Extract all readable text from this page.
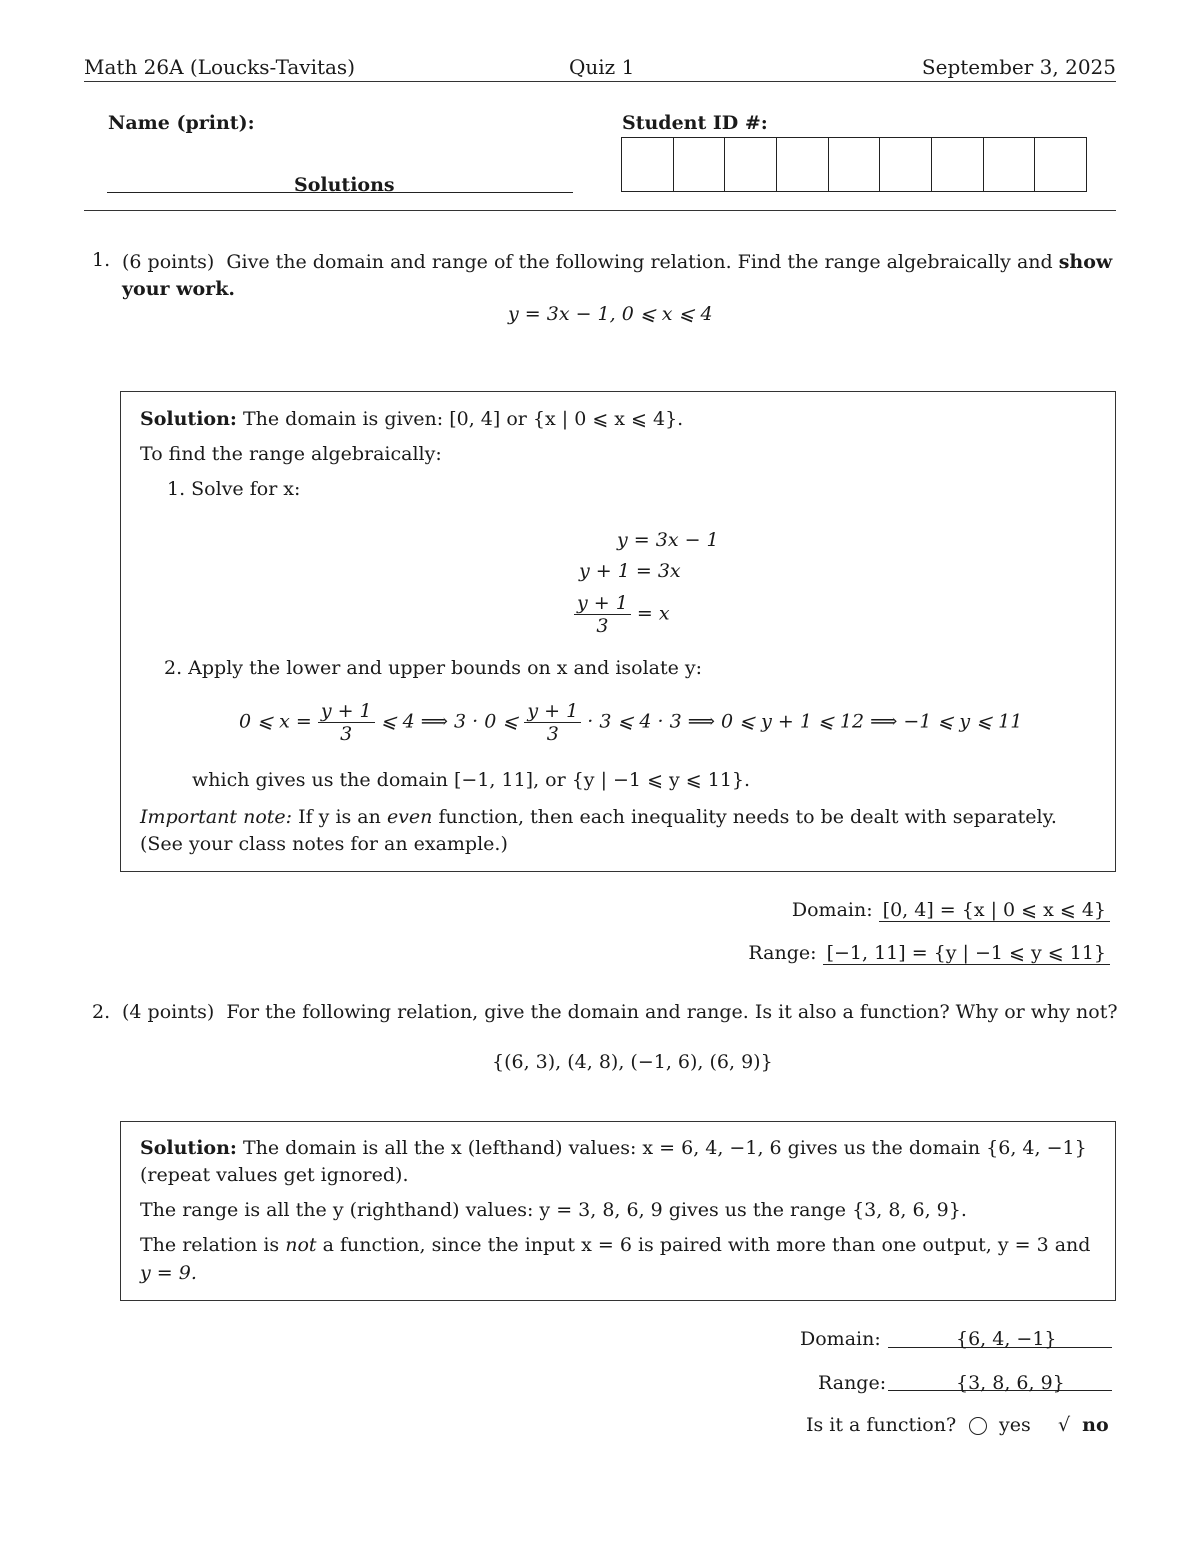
Math 26A (Loucks-Tavitas)	Quiz 1	September 3, 2025
Name (print):
Solutions
Student ID #:
1. (6 points) Give the domain and range of the following relation. Find the range algebraically and show your work.
y = 3x − 1, 0 ⩽ x ⩽ 4
Solution: The domain is given: [0, 4] or {x | 0 ⩽ x ⩽ 4}.
To find the range algebraically:
1. Solve for x:
y = 3x − 1
y + 1 = 3x
$\frac{y + 1}{3} = x$
2. Apply the lower and upper bounds on x and isolate y:
0 ⩽ $x = \frac{y + 1}{3}$ ⩽ 4 ⟹ 3 · 0 ⩽ $\frac{y + 1}{3} \cdot 3$ ⩽ 4 · 3 ⟹ 0 ⩽ y + 1 ⩽ 12 ⟹ −1 ⩽ y ⩽ 11
which gives us the domain [−1, 11], or {y | −1 ⩽ y ⩽ 11}.
Important note: If y is an even function, then each inequality needs to be dealt with separately. (See your class notes for an example.)
Domain: [0, 4] = {x | 0 ⩽ x ⩽ 4}
Range: [−1, 11] = {y | −1 ⩽ y ⩽ 11}
2. (4 points) For the following relation, give the domain and range. Is it also a function? Why or why not?
{(6, 3), (4, 8), (−1, 6), (6, 9)}
Solution: The domain is all the x (lefthand) values: x = 6, 4, −1, 6 gives us the domain {6, 4, −1}
(repeat values get ignored).
The range is all the y (righthand) values: y = 3, 8, 6, 9 gives us the range {3, 8, 6, 9}.
The relation is not a function, since the input x = 6 is paired with more than one output, y = 3 and
y = 9.
Domain:	{6, 4, −1}
Range:	{3, 8, 6, 9}
Is it a function?	yes √ no
